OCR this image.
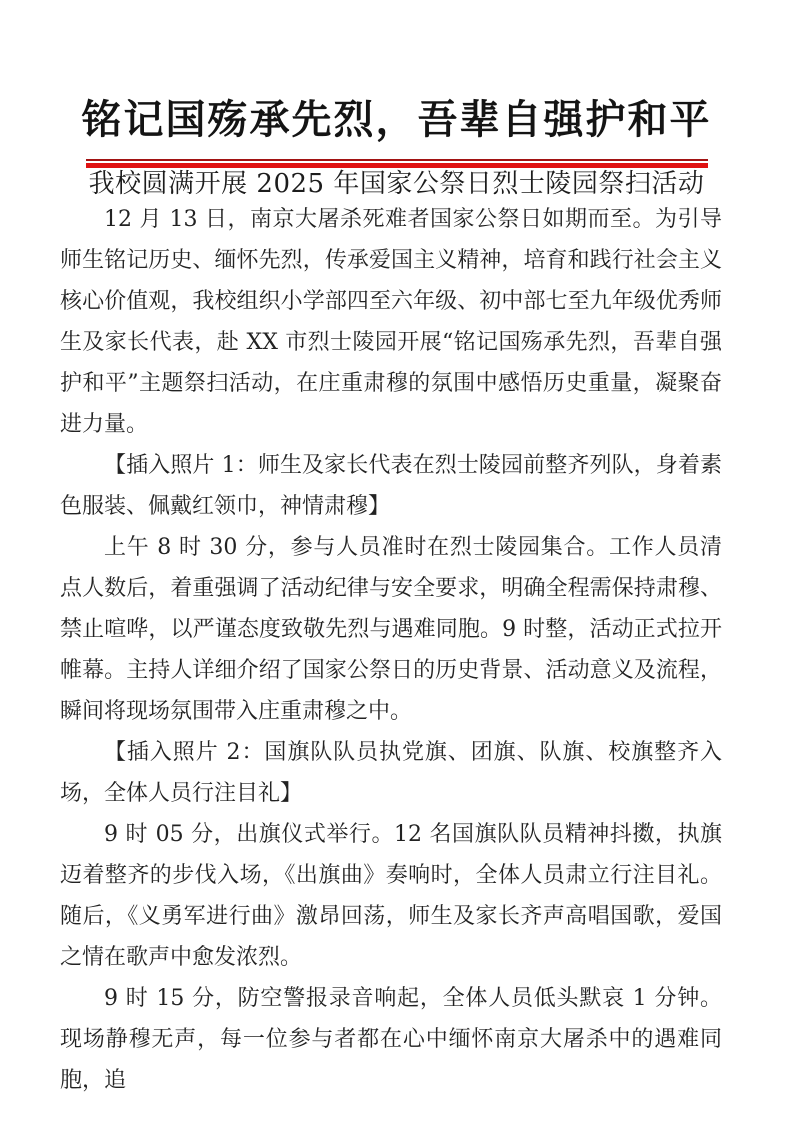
铭记国殇承先烈，吾辈自强护和平
我校圆满开展 2025 年国家公祭日烈士陵园祭扫活动

12 月 13 日，南京大屠杀死难者国家公祭日如期而至。为引导师生铭记历史、缅怀先烈，传承爱国主义精神，培育和践行社会主义核心价值观，我校组织小学部四至六年级、初中部七至九年级优秀师生及家长代表，赴 XX 市烈士陵园开展“铭记国殇承先烈，吾辈自强护和平”主题祭扫活动，在庄重肃穆的氛围中感悟历史重量，凝聚奋进力量。

【插入照片 1：师生及家长代表在烈士陵园前整齐列队，身着素色服装、佩戴红领巾，神情肃穆】

上午 8 时 30 分，参与人员准时在烈士陵园集合。工作人员清点人数后，着重强调了活动纪律与安全要求，明确全程需保持肃穆、禁止喧哗，以严谨态度致敬先烈与遇难同胞。9 时整，活动正式拉开帷幕。主持人详细介绍了国家公祭日的历史背景、活动意义及流程，瞬间将现场氛围带入庄重肃穆之中。

【插入照片 2：国旗队队员执党旗、团旗、队旗、校旗整齐入场，全体人员行注目礼】

9 时 05 分，出旗仪式举行。12 名国旗队队员精神抖擞，执旗迈着整齐的步伐入场，《出旗曲》奏响时，全体人员肃立行注目礼。随后，《义勇军进行曲》激昂回荡，师生及家长齐声高唱国歌，爱国之情在歌声中愈发浓烈。

9 时 15 分，防空警报录音响起，全体人员低头默哀 1 分钟。现场静穆无声，每一位参与者都在心中缅怀南京大屠杀中的遇难同胞，追
